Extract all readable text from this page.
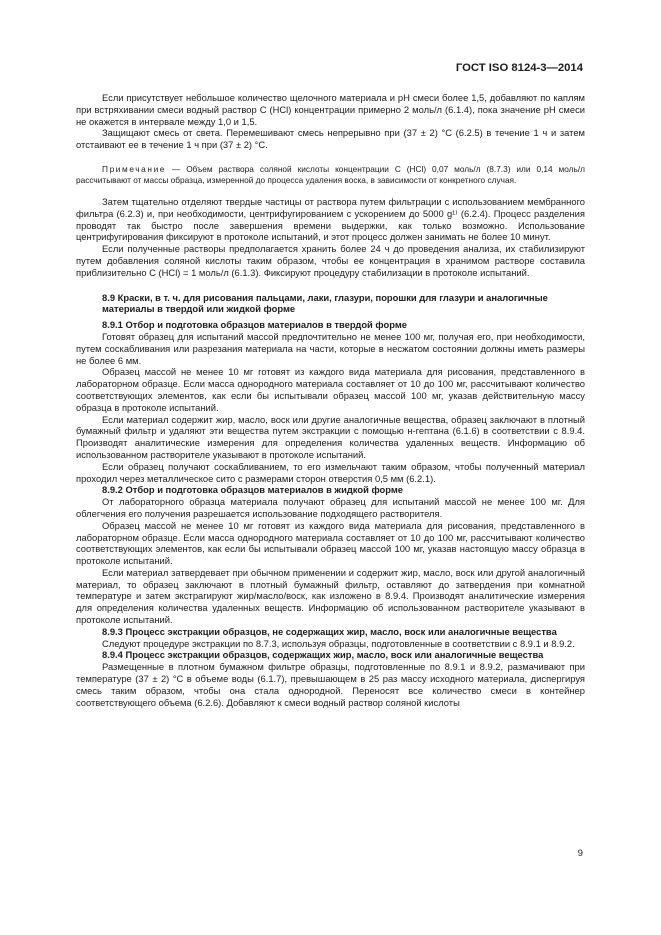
ГОСТ ISO 8124-3—2014

Если присутствует небольшое количество щелочного материала и pH смеси более 1,5, добавляют по каплям при встряхивании смеси водный раствор C (HCl) концентрации примерно 2 моль/л (6.1.4), пока значение pH смеси не окажется в интервале между 1,0 и 1,5.

Защищают смесь от света. Перемешивают смесь непрерывно при (37 ± 2) °C (6.2.5) в течение 1 ч и затем отстаивают ее в течение 1 ч при (37 ± 2) °C.

Примечание — Объем раствора соляной кислоты концентрации C (HCl) 0,07 моль/л (8.7.3) или 0,14 моль/л рассчитывают от массы образца, измеренной до процесса удаления воска, в зависимости от конкретного случая.

Затем тщательно отделяют твердые частицы от раствора путем фильтрации с использованием мембранного фильтра (6.2.3) и, при необходимости, центрифугированием с ускорением до 5000 g¹⁾ (6.2.4). Процесс разделения проводят так быстро после завершения времени выдержки, как только возможно. Использование центрифугирования фиксируют в протоколе испытаний, и этот процесс должен занимать не более 10 минут.

Если полученные растворы предполагается хранить более 24 ч до проведения анализа, их стабилизируют путем добавления соляной кислоты таким образом, чтобы ее концентрация в хранимом растворе составила приблизительно C (HCl) = 1 моль/л (6.1.3). Фиксируют процедуру стабилизации в протоколе испытаний.

8.9 Краски, в т. ч. для рисования пальцами, лаки, глазури, порошки для глазури и аналогичные материалы в твердой или жидкой форме
8.9.1 Отбор и подготовка образцов материалов в твердой форме

Готовят образец для испытаний массой предпочтительно не менее 100 мг, получая его, при необходимости, путем соскабливания или разрезания материала на части, которые в несжатом состоянии должны иметь размеры не более 6 мм.

Образец массой не менее 10 мг готовят из каждого вида материала для рисования, представленного в лабораторном образце. Если масса однородного материала составляет от 10 до 100 мг, рассчитывают количество соответствующих элементов, как если бы испытывали образец массой 100 мг, указав действительную массу образца в протоколе испытаний.

Если материал содержит жир, масло, воск или другие аналогичные вещества, образец заключают в плотный бумажный фильтр и удаляют эти вещества путем экстракции с помощью н-гептана (6.1.6) в соответствии с 8.9.4. Производят аналитические измерения для определения количества удаленных веществ. Информацию об использованном растворителе указывают в протоколе испытаний.

Если образец получают соскабливанием, то его измельчают таким образом, чтобы полученный материал проходил через металлическое сито с размерами сторон отверстия 0,5 мм (6.2.1).

8.9.2 Отбор и подготовка образцов материалов в жидкой форме

От лабораторного образца материала получают образец для испытаний массой не менее 100 мг. Для облегчения его получения разрешается использование подходящего растворителя.

Образец массой не менее 10 мг готовят из каждого вида материала для рисования, представленного в лабораторном образце. Если масса однородного материала составляет от 10 до 100 мг, рассчитывают количество соответствующих элементов, как если бы испытывали образец массой 100 мг, указав настоящую массу образца в протоколе испытаний.

Если материал затвердевает при обычном применении и содержит жир, масло, воск или другой аналогичный материал, то образец заключают в плотный бумажный фильтр, оставляют до затвердения при комнатной температуре и затем экстрагируют жир/масло/воск, как изложено в 8.9.4. Производят аналитические измерения для определения количества удаленных веществ. Информацию об использованном растворителе указывают в протоколе испытаний.

8.9.3 Процесс экстракции образцов, не содержащих жир, масло, воск или аналогичные вещества

Следуют процедуре экстракции по 8.7.3, используя образцы, подготовленные в соответствии с 8.9.1 и 8.9.2.

8.9.4 Процесс экстракции образцов, содержащих жир, масло, воск или аналогичные вещества

Размещенные в плотном бумажном фильтре образцы, подготовленные по 8.9.1 и 8.9.2, размачивают при температуре (37 ± 2) °C в объеме воды (6.1.7), превышающем в 25 раз массу исходного материала, диспергируя смесь таким образом, чтобы она стала однородной. Переносят все количество смеси в контейнер соответствующего объема (6.2.6). Добавляют к смеси водный раствор соляной кислоты

9
